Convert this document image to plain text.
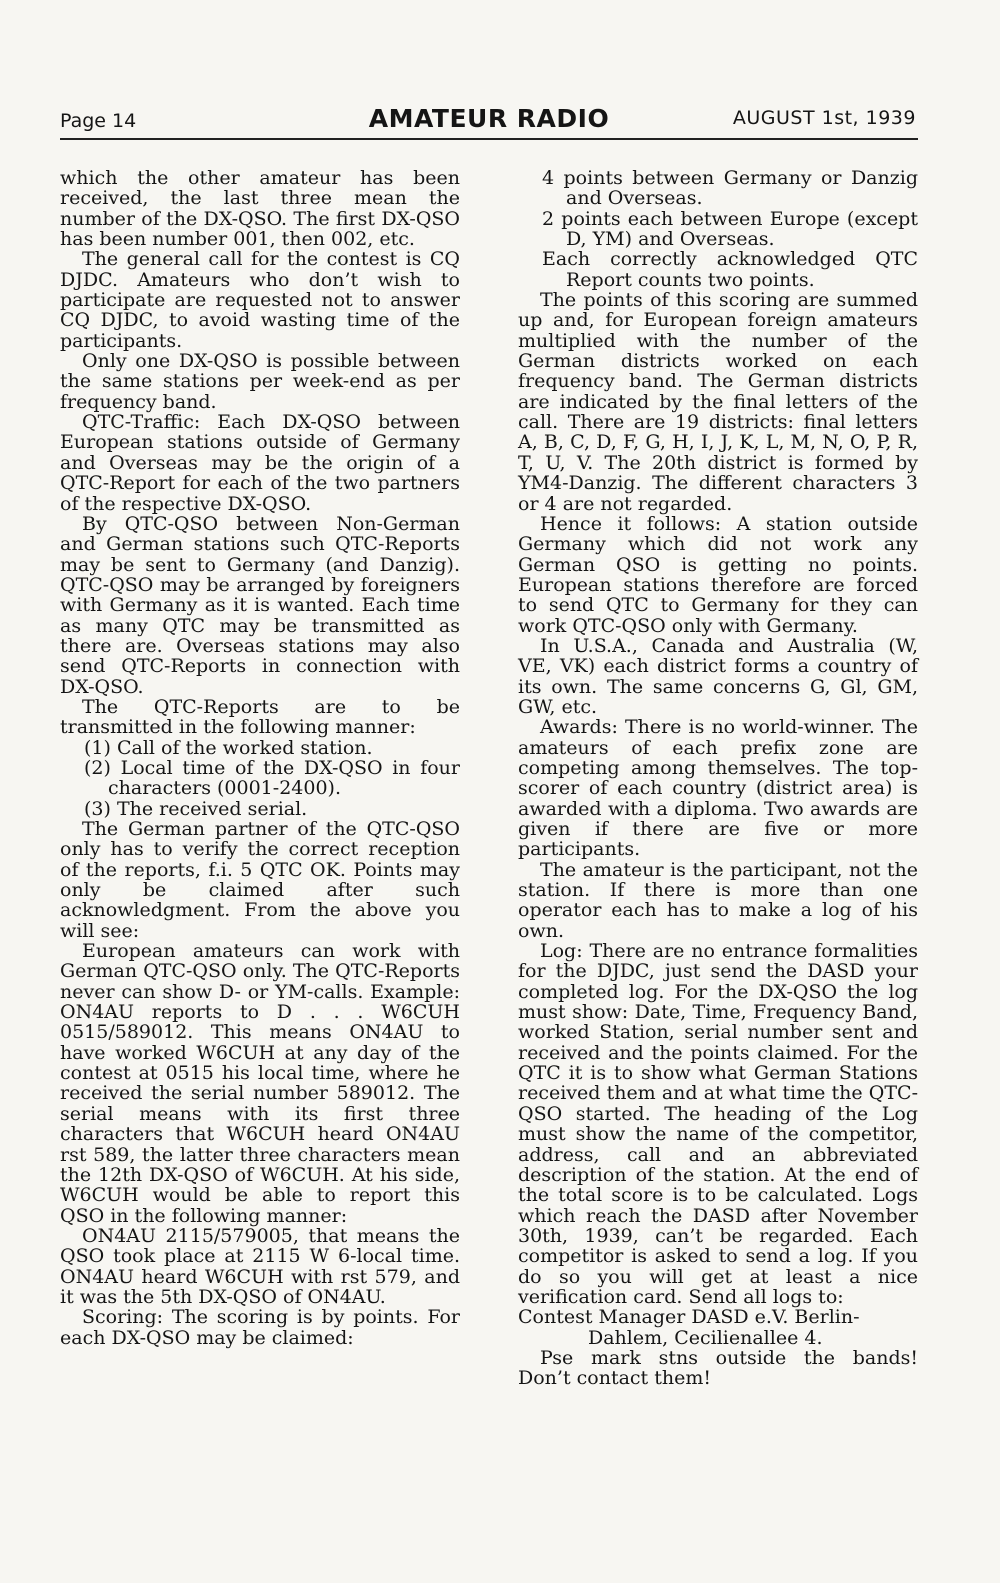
Page 14	AMATEUR RADIO	AUGUST 1st, 1939

which the other amateur has been received, the last three mean the number of the DX-QSO. The first DX-QSO has been number 001, then 002, etc.

The general call for the contest is CQ DJDC. Amateurs who don’t wish to participate are requested not to answer CQ DJDC, to avoid wasting time of the participants.

Only one DX-QSO is possible between the same stations per week-end as per frequency band.

QTC-Traffic: Each DX-QSO between European stations outside of Germany and Overseas may be the origin of a QTC-Report for each of the two partners of the respective DX-QSO.

By QTC-QSO between Non-German and German stations such QTC-Reports may be sent to Germany (and Danzig). QTC-QSO may be arranged by foreigners with Germany as it is wanted. Each time as many QTC may be transmitted as there are. Overseas stations may also send QTC-Reports in connection with DX-QSO.

The QTC-Reports are to be transmitted in the following manner:

(1) Call of the worked station.

(2) Local time of the DX-QSO in four characters (0001-2400).

(3) The received serial.

The German partner of the QTC-QSO only has to verify the correct reception of the reports, f.i. 5 QTC OK. Points may only be claimed after such acknowledgment. From the above you will see:

European amateurs can work with German QTC-QSO only. The QTC-Reports never can show D- or YM-calls. Example: ON4AU reports to D . . . W6CUH 0515/589012. This means ON4AU to have worked W6CUH at any day of the contest at 0515 his local time, where he received the serial number 589012. The serial means with its first three characters that W6CUH heard ON4AU rst 589, the latter three characters mean the 12th DX-QSO of W6CUH. At his side, W6CUH would be able to report this QSO in the following manner:

ON4AU 2115/579005, that means the QSO took place at 2115 W 6-local time. ON4AU heard W6CUH with rst 579, and it was the 5th DX-QSO of ON4AU.

Scoring: The scoring is by points. For each DX-QSO may be claimed:

4 points between Germany or Danzig and Overseas.

2 points each between Europe (except D, YM) and Overseas.

Each correctly acknowledged QTC Report counts two points.

The points of this scoring are summed up and, for European foreign amateurs multiplied with the number of the German districts worked on each frequency band. The German districts are indicated by the final letters of the call. There are 19 districts: final letters A, B, C, D, F, G, H, I, J, K, L, M, N, O, P, R, T, U, V. The 20th district is formed by YM4-Danzig. The different characters 3 or 4 are not regarded.

Hence it follows: A station outside Germany which did not work any German QSO is getting no points. European stations therefore are forced to send QTC to Germany for they can work QTC-QSO only with Germany.

In U.S.A., Canada and Australia (W, VE, VK) each district forms a country of its own. The same concerns G, Gl, GM, GW, etc.

Awards: There is no world-winner. The amateurs of each prefix zone are competing among themselves. The top-scorer of each country (district area) is awarded with a diploma. Two awards are given if there are five or more participants.

The amateur is the participant, not the station. If there is more than one operator each has to make a log of his own.

Log: There are no entrance formalities for the DJDC, just send the DASD your completed log. For the DX-QSO the log must show: Date, Time, Frequency Band, worked Station, serial number sent and received and the points claimed. For the QTC it is to show what German Stations received them and at what time the QTC-QSO started. The heading of the Log must show the name of the competitor, address, call and an abbreviated description of the station. At the end of the total score is to be calculated. Logs which reach the DASD after November 30th, 1939, can’t be regarded. Each competitor is asked to send a log. If you do so you will get at least a nice verification card. Send all logs to:

Contest Manager DASD e.V. Berlin-

Dahlem, Cecilienallee 4.

Pse mark stns outside the bands! Don’t contact them!
